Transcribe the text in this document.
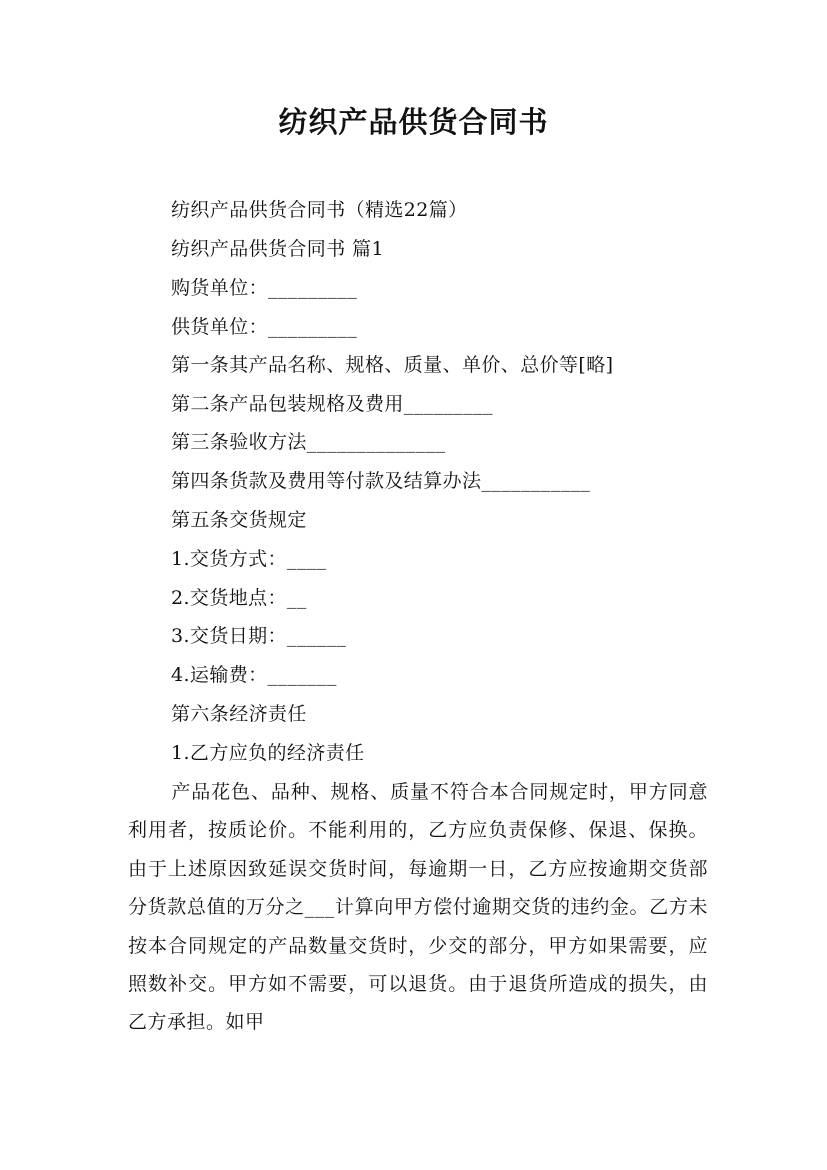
纺织产品供货合同书
纺织产品供货合同书（精选22篇）
纺织产品供货合同书 篇1
购货单位：_________
供货单位：_________
第一条其产品名称、规格、质量、单价、总价等[略]
第二条产品包装规格及费用_________
第三条验收方法______________
第四条货款及费用等付款及结算办法___________
第五条交货规定
1.交货方式：____
2.交货地点：__
3.交货日期：______
4.运输费：_______
第六条经济责任
1.乙方应负的经济责任
产品花色、品种、规格、质量不符合本合同规定时，甲方同意利用者，按质论价。不能利用的，乙方应负责保修、保退、保换。由于上述原因致延误交货时间，每逾期一日，乙方应按逾期交货部分货款总值的万分之___计算向甲方偿付逾期交货的违约金。乙方未按本合同规定的产品数量交货时，少交的部分，甲方如果需要，应照数补交。甲方如不需要，可以退货。由于退货所造成的损失，由乙方承担。如甲
